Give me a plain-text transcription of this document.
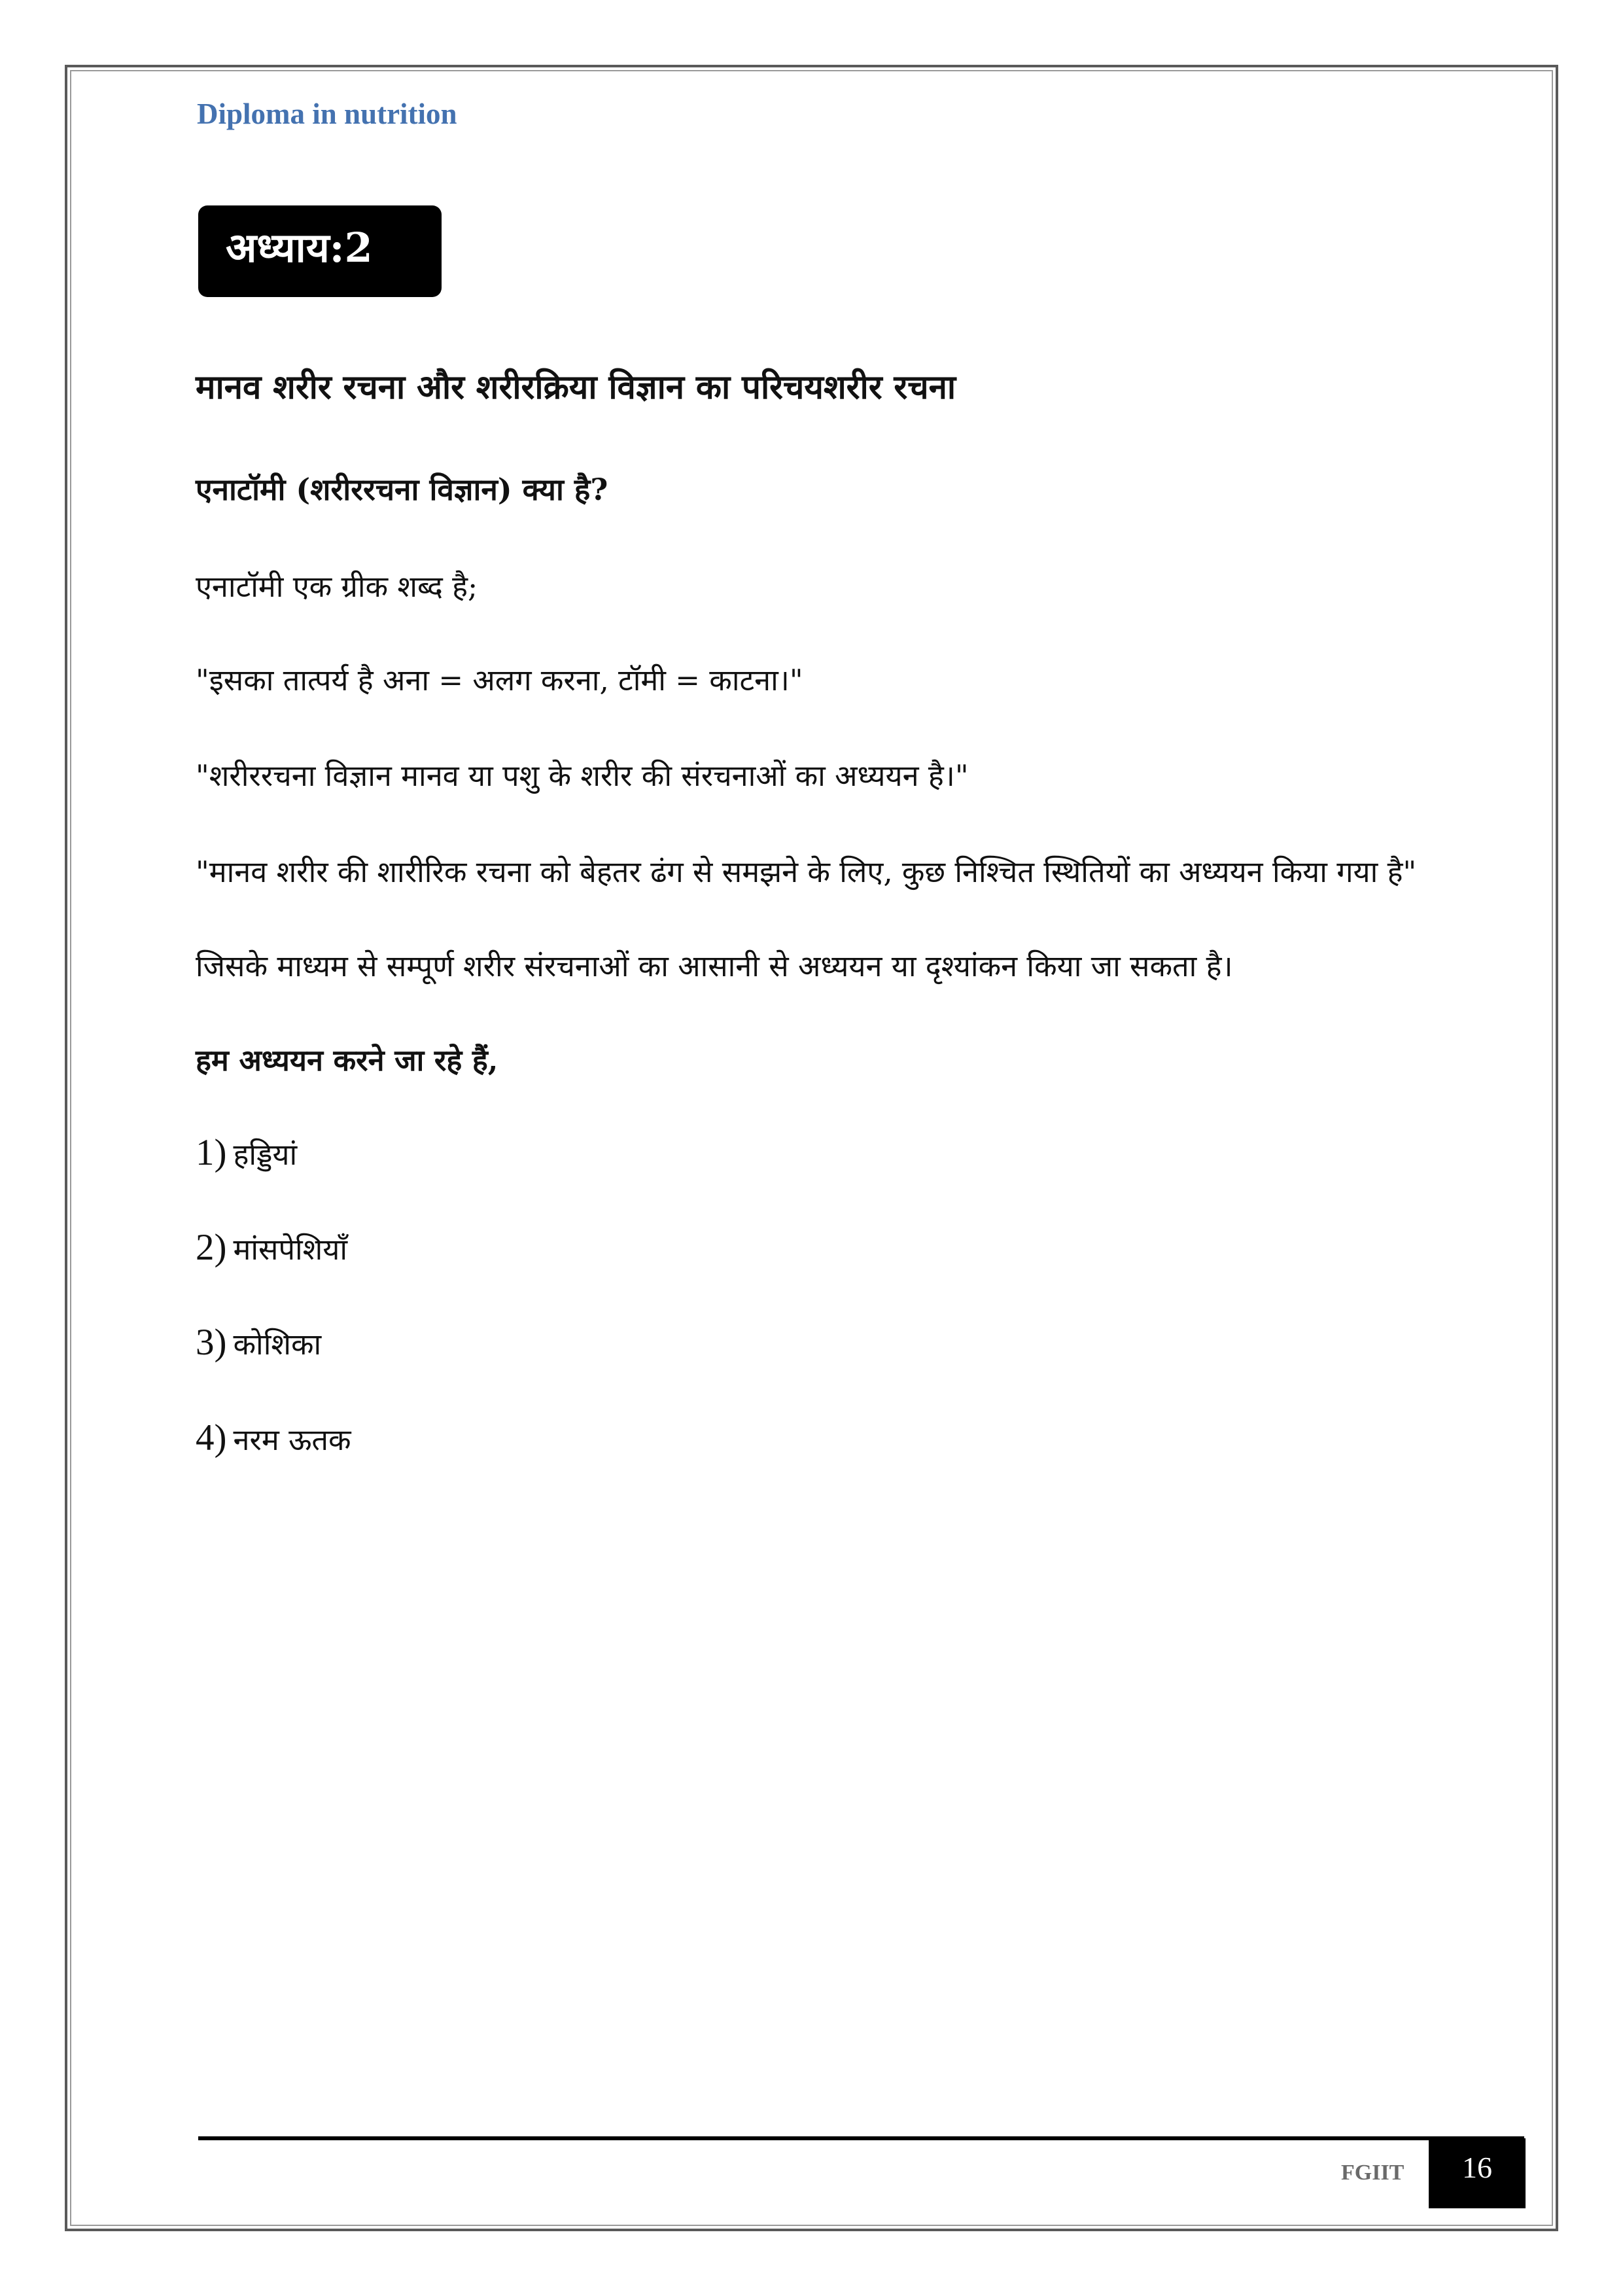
Diploma in nutrition
अध्याय:2
मानव शरीर रचना और शरीरक्रिया विज्ञान का परिचयशरीर रचना
एनाटॉमी (शरीररचना विज्ञान) क्या है?
एनाटॉमी एक ग्रीक शब्द है;
"इसका तात्पर्य है अना = अलग करना, टॉमी = काटना।"
"शरीररचना विज्ञान मानव या पशु के शरीर की संरचनाओं का अध्ययन है।"
"मानव शरीर की शारीरिक रचना को बेहतर ढंग से समझने के लिए, कुछ निश्चित स्थितियों का अध्ययन किया गया है"
जिसके माध्यम से सम्पूर्ण शरीर संरचनाओं का आसानी से अध्ययन या दृश्यांकन किया जा सकता है।
हम अध्ययन करने जा रहे हैं,
1) हड्डियां
2) मांसपेशियाँ
3) कोशिका
4) नरम ऊतक
FGIIT	16
